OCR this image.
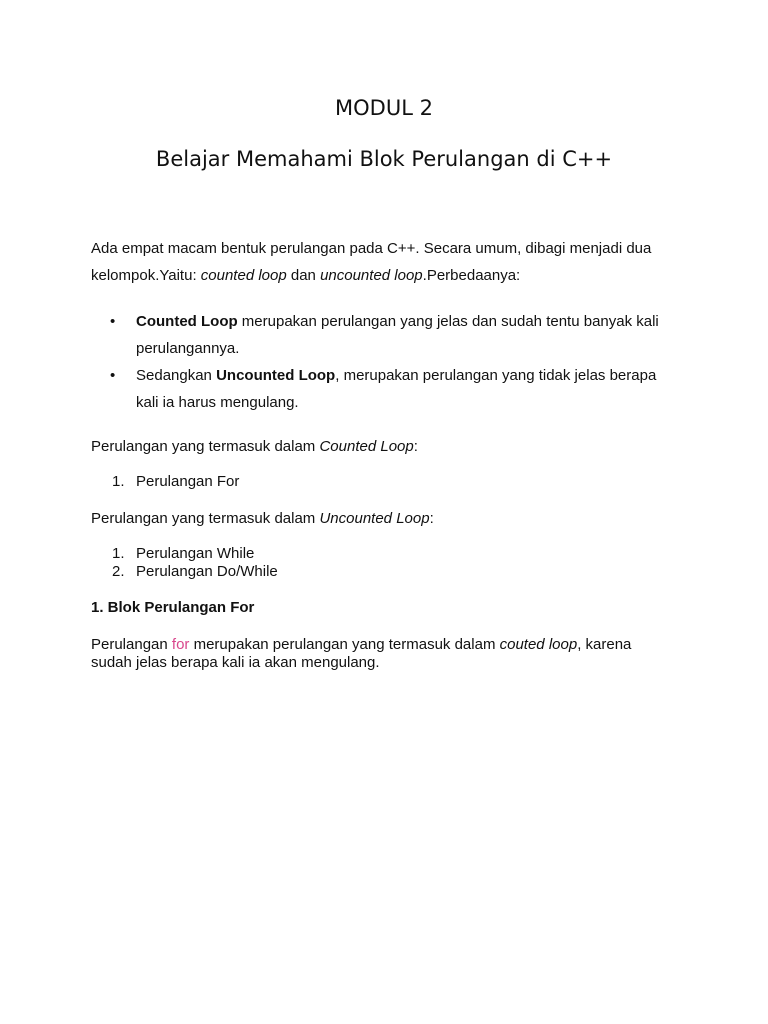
MODUL 2
Belajar Memahami Blok Perulangan di C++
Ada empat macam bentuk perulangan pada C++. Secara umum, dibagi menjadi dua
kelompok.Yaitu: counted loop dan uncounted loop.Perbedaanya:
• Counted Loop merupakan perulangan yang jelas dan sudah tentu banyak kali
perulangannya.
• Sedangkan Uncounted Loop, merupakan perulangan yang tidak jelas berapa
kali ia harus mengulang.
Perulangan yang termasuk dalam Counted Loop:
1. Perulangan For
Perulangan yang termasuk dalam Uncounted Loop:
1. Perulangan While
2. Perulangan Do/While
1. Blok Perulangan For
Perulangan for merupakan perulangan yang termasuk dalam couted loop, karena
sudah jelas berapa kali ia akan mengulang.
